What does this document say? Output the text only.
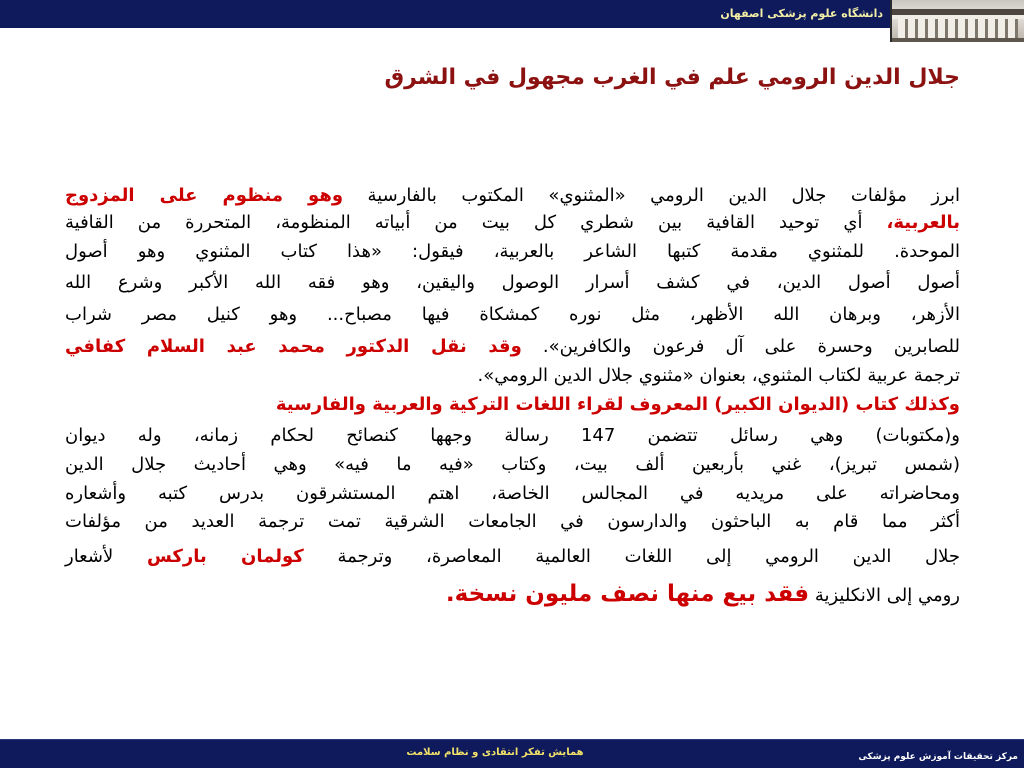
دانشگاه علوم پزشکی اصفهان
جلال الدين الرومي علم في الغرب مجهول في الشرق
ابرز مؤلفات جلال الدين الرومي «المثنوي» المكتوب بالفارسية وهو منظوم على المزدوج
بالعربية، أي توحيد القافية بين شطري كل بيت من أبياته المنظومة، المتحررة من القافية
الموحدة. للمثنوي مقدمة كتبها الشاعر بالعربية، فيقول: «هذا كتاب المثنوي وهو أصول
أصول أصول الدين، في كشف أسرار الوصول واليقين، وهو فقه الله الأكبر وشرع الله
الأزهر، وبرهان الله الأظهر، مثل نوره كمشكاة فيها مصباح... وهو كنيل مصر شراب
للصابرين وحسرة على آل فرعون والكافرين». وقد نقل الدكتور محمد عبد السلام كفافي
ترجمة عربية لكتاب المثنوي، بعنوان «مثنوي جلال الدين الرومي».
وكذلك كتاب (الديوان الكبير) المعروف لقراء اللغات التركية والعربية والفارسية
و(مكتوبات) وهي رسائل تتضمن 147 رسالة وجهها كنصائح لحكام زمانه، وله ديوان
(شمس تبريز)، غني بأربعين ألف بيت، وكتاب «فيه ما فيه» وهي أحاديث جلال الدين
ومحاضراته على مريديه في المجالس الخاصة، اهتم المستشرقون بدرس كتبه وأشعاره
أكثر مما قام به الباحثون والدارسون في الجامعات الشرقية تمت ترجمة العديد من مؤلفات
جلال الدين الرومي إلى اللغات العالمية المعاصرة، وترجمة كولمان باركس لأشعار
رومي إلى الانكليزية فقد بيع منها نصف مليون نسخة.
همایش تفکر انتقادی و نظام سلامت	مرکز تحقیقات آموزش علوم پزشکی
